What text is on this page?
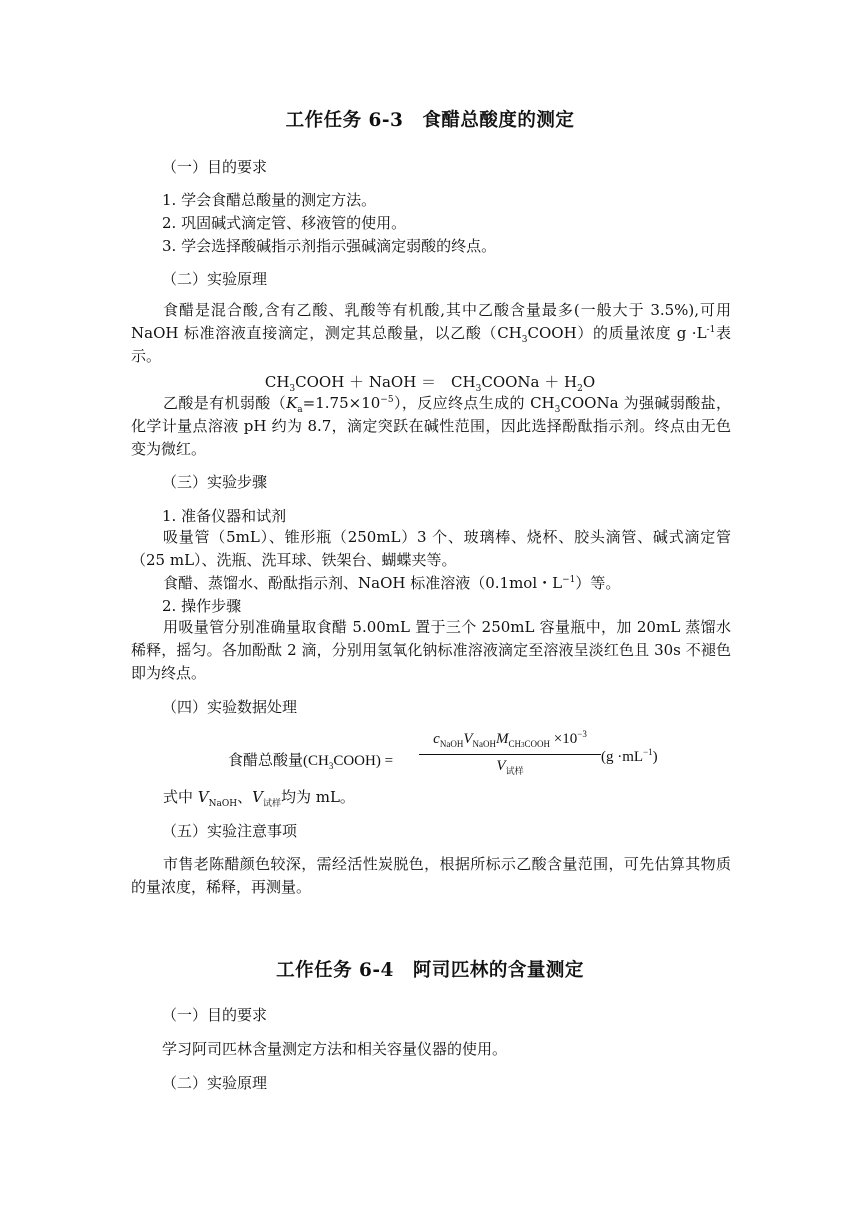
工作任务 6-3　食醋总酸度的测定
（一）目的要求
1. 学会食醋总酸量的测定方法。
2. 巩固碱式滴定管、移液管的使用。
3. 学会选择酸碱指示剂指示强碱滴定弱酸的终点。
（二）实验原理
食醋是混合酸,含有乙酸、乳酸等有机酸,其中乙酸含量最多(一般大于 3.5%),可用 NaOH 标准溶液直接滴定，测定其总酸量，以乙酸$(CH_3COOH)$的质量浓度 $g \cdot L^{-1}$表示。
$CH_3COOH$ ＋ NaOH ＝　$CH_3COONa + H_2O$
乙酸是有机弱酸$(K_a=1.75\times 10^{-5})$，反应终点生成的 $CH_3COONa$ 为强碱弱酸盐，化学计量点溶液 pH 约为 8.7，滴定突跃在碱性范围，因此选择酚酞指示剂。终点由无色变为微红。
（三）实验步骤
1. 准备仪器和试剂
吸量管（5mL）、锥形瓶（250mL）3 个、玻璃棒、烧杯、胶头滴管、碱式滴定管（25 mL）、洗瓶、洗耳球、铁架台、蝴蝶夹等。
食醋、蒸馏水、酚酞指示剂、NaOH 标准溶液（0.1mol・$L^{-1}$）等。
2. 操作步骤
用吸量管分别准确量取食醋 5.00mL 置于三个 250mL 容量瓶中，加 20mL 蒸馏水稀释，摇匀。各加酚酞 2 滴，分别用氢氧化钠标准溶液滴定至溶液呈淡红色且 30s 不褪色即为终点。
（四）实验数据处理
食醋总酸量$(CH_3COOH)$ =
$c_{NaOH}V_{NaOH}M_{CH3COOH} \times 10^{-3}$
$V_{试样}$
$(g \cdot mL^{-1})$
式中 $V_{NaOH}$、$V_{试样}$均为 mL。
（五）实验注意事项
市售老陈醋颜色较深，需经活性炭脱色，根据所标示乙酸含量范围，可先估算其物质的量浓度，稀释，再测量。
工作任务 6-4　阿司匹林的含量测定
（一）目的要求
学习阿司匹林含量测定方法和相关容量仪器的使用。
（二）实验原理
